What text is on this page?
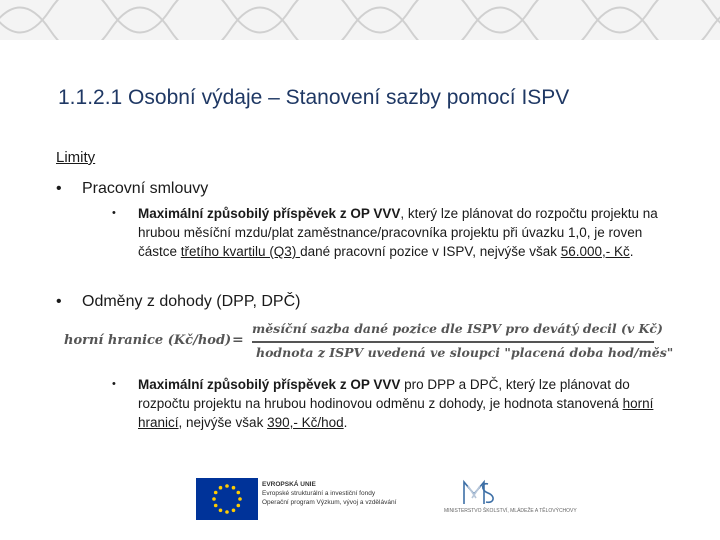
1.1.2.1 Osobní výdaje – Stanovení sazby pomocí ISPV
Limity
• Pracovní smlouvy
• Maximální způsobilý příspěvek z OP VVV, který lze plánovat do rozpočtu projektu na hrubou měsíční mzdu/plat zaměstnance/pracovníka projektu při úvazku 1,0, je roven částce třetího kvartilu (Q3) dané pracovní pozice v ISPV, nejvýše však 56.000,- Kč.
• Odměny z dohody (DPP, DPČ)
horní hranice (Kč/hod) =
měsíční sazba dané pozice dle ISPV pro devátý decil (v Kč)
hodnota z ISPV uvedená ve sloupci "placená doba hod/měs"
• Maximální způsobilý příspěvek z OP VVV pro DPP a DPČ, který lze plánovat do rozpočtu projektu na hrubou hodinovou odměnu z dohody, je hodnota stanovená horní hranicí, nejvýše však 390,- Kč/hod.
EVROPSKÁ UNIE
Evropské strukturální a investiční fondy
Operační program Výzkum, vývoj a vzdělávání
MINISTERSTVO ŠKOLSTVÍ, MLÁDEŽE A TĚLOVÝCHOVY
